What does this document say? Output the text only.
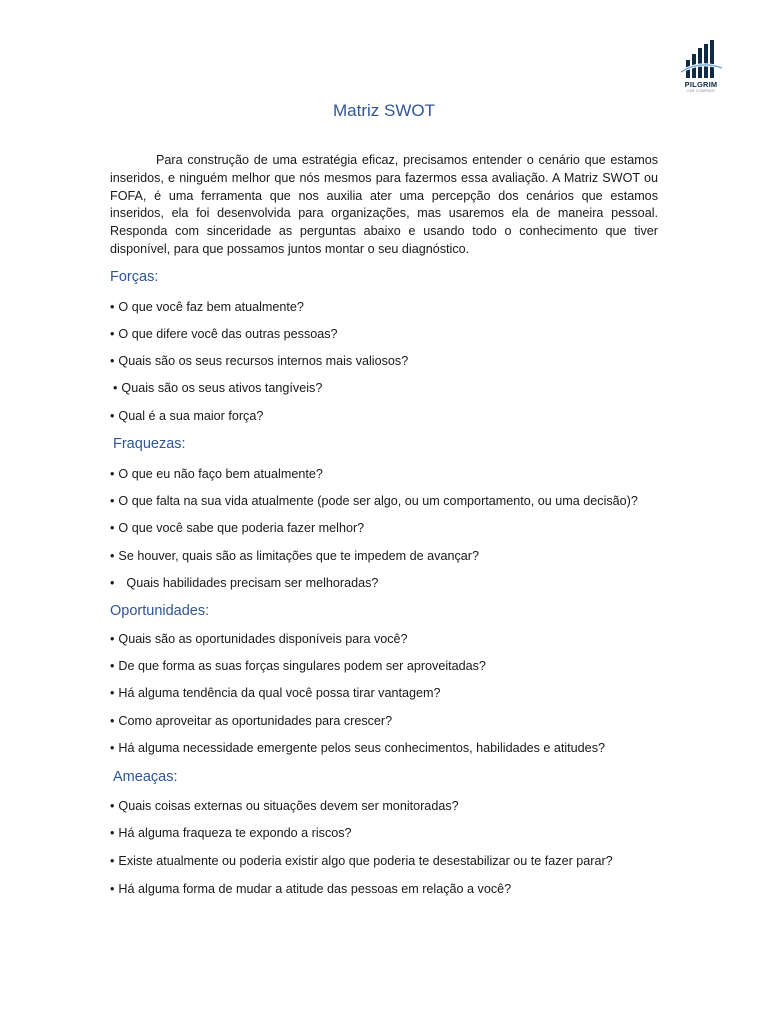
PILGRIM
CAR COMPANY
Matriz SWOT

Para construção de uma estratégia eficaz, precisamos entender o cenário que estamos inseridos, e ninguém melhor que nós mesmos para fazermos essa avaliação. A Matriz SWOT ou FOFA, é uma ferramenta que nos auxilia ater uma percepção dos cenários que estamos inseridos, ela foi desenvolvida para organizações, mas usaremos ela de maneira pessoal. Responda com sinceridade as perguntas abaixo e usando todo o conhecimento que tiver disponível, para que possamos juntos montar o seu diagnóstico.

Forças:

• O que você faz bem atualmente?

• O que difere você das outras pessoas?

• Quais são os seus recursos internos mais valiosos?

• Quais são os seus ativos tangíveis?

• Qual é a sua maior força?

Fraquezas:

• O que eu não faço bem atualmente?

• O que falta na sua vida atualmente (pode ser algo, ou um comportamento, ou uma decisão)?

• O que você sabe que poderia fazer melhor?

• Se houver, quais são as limitações que te impedem de avançar?

• Quais habilidades precisam ser melhoradas?

Oportunidades:

• Quais são as oportunidades disponíveis para você?

• De que forma as suas forças singulares podem ser aproveitadas?

• Há alguma tendência da qual você possa tirar vantagem?

• Como aproveitar as oportunidades para crescer?

• Há alguma necessidade emergente pelos seus conhecimentos, habilidades e atitudes?

Ameaças:

• Quais coisas externas ou situações devem ser monitoradas?

• Há alguma fraqueza te expondo a riscos?

• Existe atualmente ou poderia existir algo que poderia te desestabilizar ou te fazer parar?

• Há alguma forma de mudar a atitude das pessoas em relação a você?
